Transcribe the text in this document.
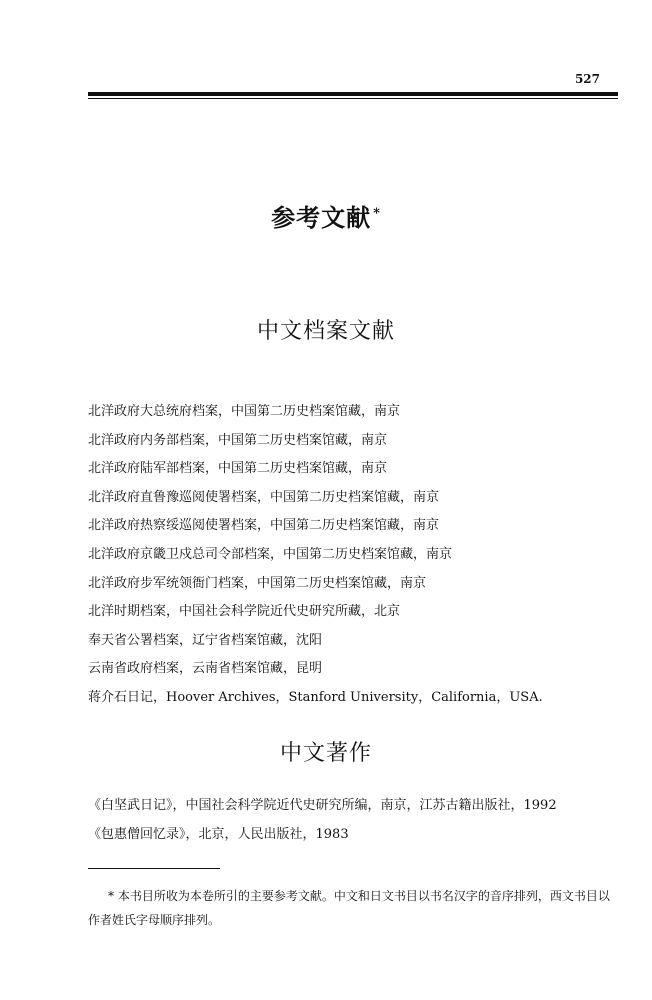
527
参考文献 *
中文档案文献
北洋政府大总统府档案，中国第二历史档案馆藏，南京
北洋政府内务部档案，中国第二历史档案馆藏，南京
北洋政府陆军部档案，中国第二历史档案馆藏，南京
北洋政府直鲁豫巡阅使署档案，中国第二历史档案馆藏，南京
北洋政府热察绥巡阅使署档案，中国第二历史档案馆藏，南京
北洋政府京畿卫戍总司令部档案，中国第二历史档案馆藏，南京
北洋政府步军统领衙门档案，中国第二历史档案馆藏，南京
北洋时期档案，中国社会科学院近代史研究所藏，北京
奉天省公署档案，辽宁省档案馆藏，沈阳
云南省政府档案，云南省档案馆藏，昆明
蒋介石日记，Hoover Archives，Stanford University，California，USA.
中文著作
《白坚武日记》，中国社会科学院近代史研究所编，南京，江苏古籍出版社，1992
《包惠僧回忆录》，北京，人民出版社，1983
* 本书目所收为本卷所引的主要参考文献。中文和日文书目以书名汉字的音序排列，西文书目以作者姓氏字母顺序排列。
